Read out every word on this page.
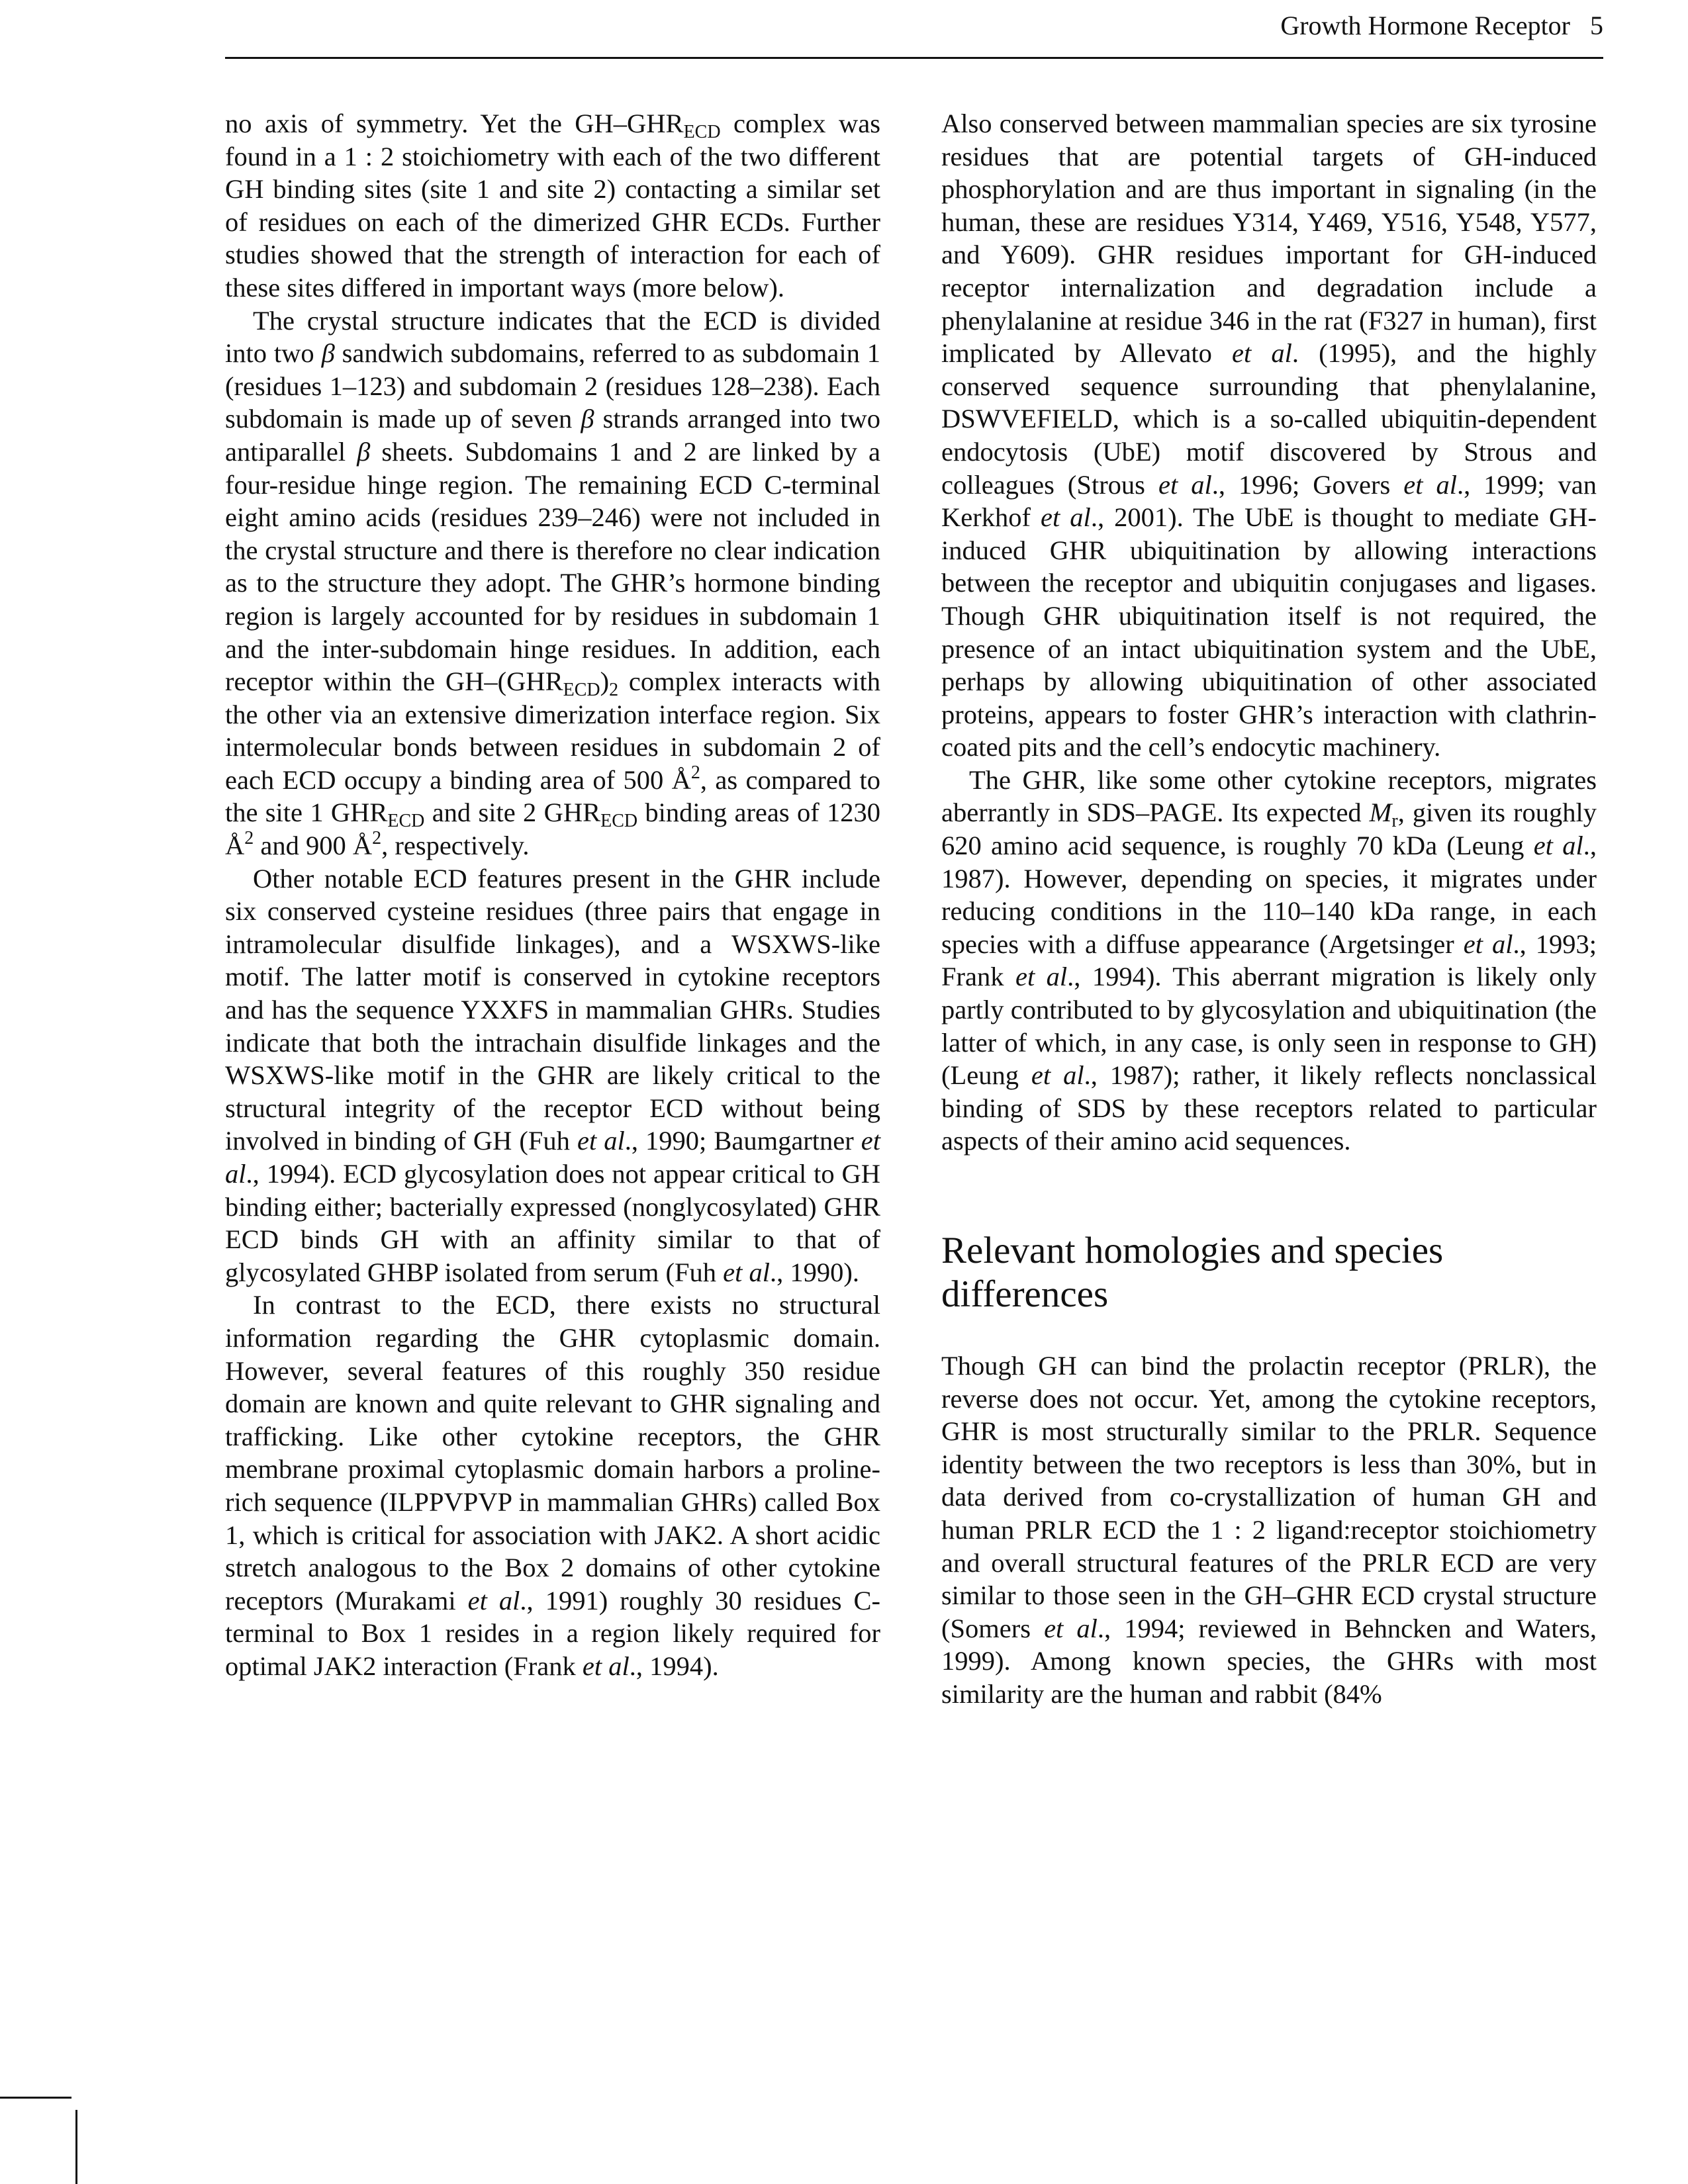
Growth Hormone Receptor 5

no axis of symmetry. Yet the $GH-GHR_{ECD}$ complex was found in a 1 : 2 stoichiometry with each of the two different GH binding sites (site 1 and site 2) contacting a similar set of residues on each of the dimerized GHR ECDs. Further studies showed that the strength of interaction for each of these sites differed in important ways (more below).

The crystal structure indicates that the ECD is divided into two β sandwich subdomains, referred to as subdomain 1 (residues 1–123) and subdomain 2 (residues 128–238). Each subdomain is made up of seven β strands arranged into two antiparallel β sheets. Subdomains 1 and 2 are linked by a four-residue hinge region. The remaining ECD C-terminal eight amino acids (residues 239–246) were not included in the crystal structure and there is therefore no clear indication as to the structure they adopt. The GHR’s hormone binding region is largely accounted for by residues in subdomain 1 and the inter-subdomain hinge residues. In addition, each receptor within the $GH-(GHR_{ECD})_2$ complex interacts with the other via an extensive dimerization interface region. Six intermolecular bonds between residues in subdomain 2 of each ECD occupy a binding area of 500 $Å^2$, as compared to the site 1 $GHR_{ECD}$ and site 2 $GHR_{ECD}$ binding areas of 1230 $Å^2$ and 900 $Å^2$, respectively.

Other notable ECD features present in the GHR include six conserved cysteine residues (three pairs that engage in intramolecular disulfide linkages), and a WSXWS-like motif. The latter motif is conserved in cytokine receptors and has the sequence YXXFS in mammalian GHRs. Studies indicate that both the intrachain disulfide linkages and the WSXWS-like motif in the GHR are likely critical to the structural integrity of the receptor ECD without being involved in binding of GH (Fuh et al., 1990; Baumgartner et al., 1994). ECD glycosylation does not appear critical to GH binding either; bacterially expressed (nonglycosylated) GHR ECD binds GH with an affinity similar to that of glycosylated GHBP isolated from serum (Fuh et al., 1990).

In contrast to the ECD, there exists no structural information regarding the GHR cytoplasmic domain. However, several features of this roughly 350 residue domain are known and quite relevant to GHR signaling and trafficking. Like other cytokine receptors, the GHR membrane proximal cytoplasmic domain harbors a proline-rich sequence (ILPPVPVP in mammalian GHRs) called Box 1, which is critical for association with JAK2. A short acidic stretch analogous to the Box 2 domains of other cytokine receptors (Murakami et al., 1991) roughly 30 residues C-terminal to Box 1 resides in a region likely required for optimal JAK2 interaction (Frank et al., 1994).

Also conserved between mammalian species are six tyrosine residues that are potential targets of GH-induced phosphorylation and are thus important in signaling (in the human, these are residues Y314, Y469, Y516, Y548, Y577, and Y609). GHR residues important for GH-induced receptor internalization and degradation include a phenylalanine at residue 346 in the rat (F327 in human), first implicated by Allevato et al. (1995), and the highly conserved sequence surrounding that phenylalanine, DSWVEFIELD, which is a so-called ubiquitin-dependent endocytosis (UbE) motif discovered by Strous and colleagues (Strous et al., 1996; Govers et al., 1999; van Kerkhof et al., 2001). The UbE is thought to mediate GH-induced GHR ubiquitination by allowing interactions between the receptor and ubiquitin conjugases and ligases. Though GHR ubiquitination itself is not required, the presence of an intact ubiquitination system and the UbE, perhaps by allowing ubiquitination of other associated proteins, appears to foster GHR’s interaction with clathrin-coated pits and the cell’s endocytic machinery.

The GHR, like some other cytokine receptors, migrates aberrantly in SDS–PAGE. Its expected $M_r$, given its roughly 620 amino acid sequence, is roughly 70 kDa (Leung et al., 1987). However, depending on species, it migrates under reducing conditions in the 110–140 kDa range, in each species with a diffuse appearance (Argetsinger et al., 1993; Frank et al., 1994). This aberrant migration is likely only partly contributed to by glycosylation and ubiquitination (the latter of which, in any case, is only seen in response to GH) (Leung et al., 1987); rather, it likely reflects nonclassical binding of SDS by these receptors related to particular aspects of their amino acid sequences.

Relevant homologies and species differences

Though GH can bind the prolactin receptor (PRLR), the reverse does not occur. Yet, among the cytokine receptors, GHR is most structurally similar to the PRLR. Sequence identity between the two receptors is less than 30%, but in data derived from co-crystallization of human GH and human PRLR ECD the 1 : 2 ligand:receptor stoichiometry and overall structural features of the PRLR ECD are very similar to those seen in the GH–GHR ECD crystal structure (Somers et al., 1994; reviewed in Behncken and Waters, 1999). Among known species, the GHRs with most similarity are the human and rabbit (84%
